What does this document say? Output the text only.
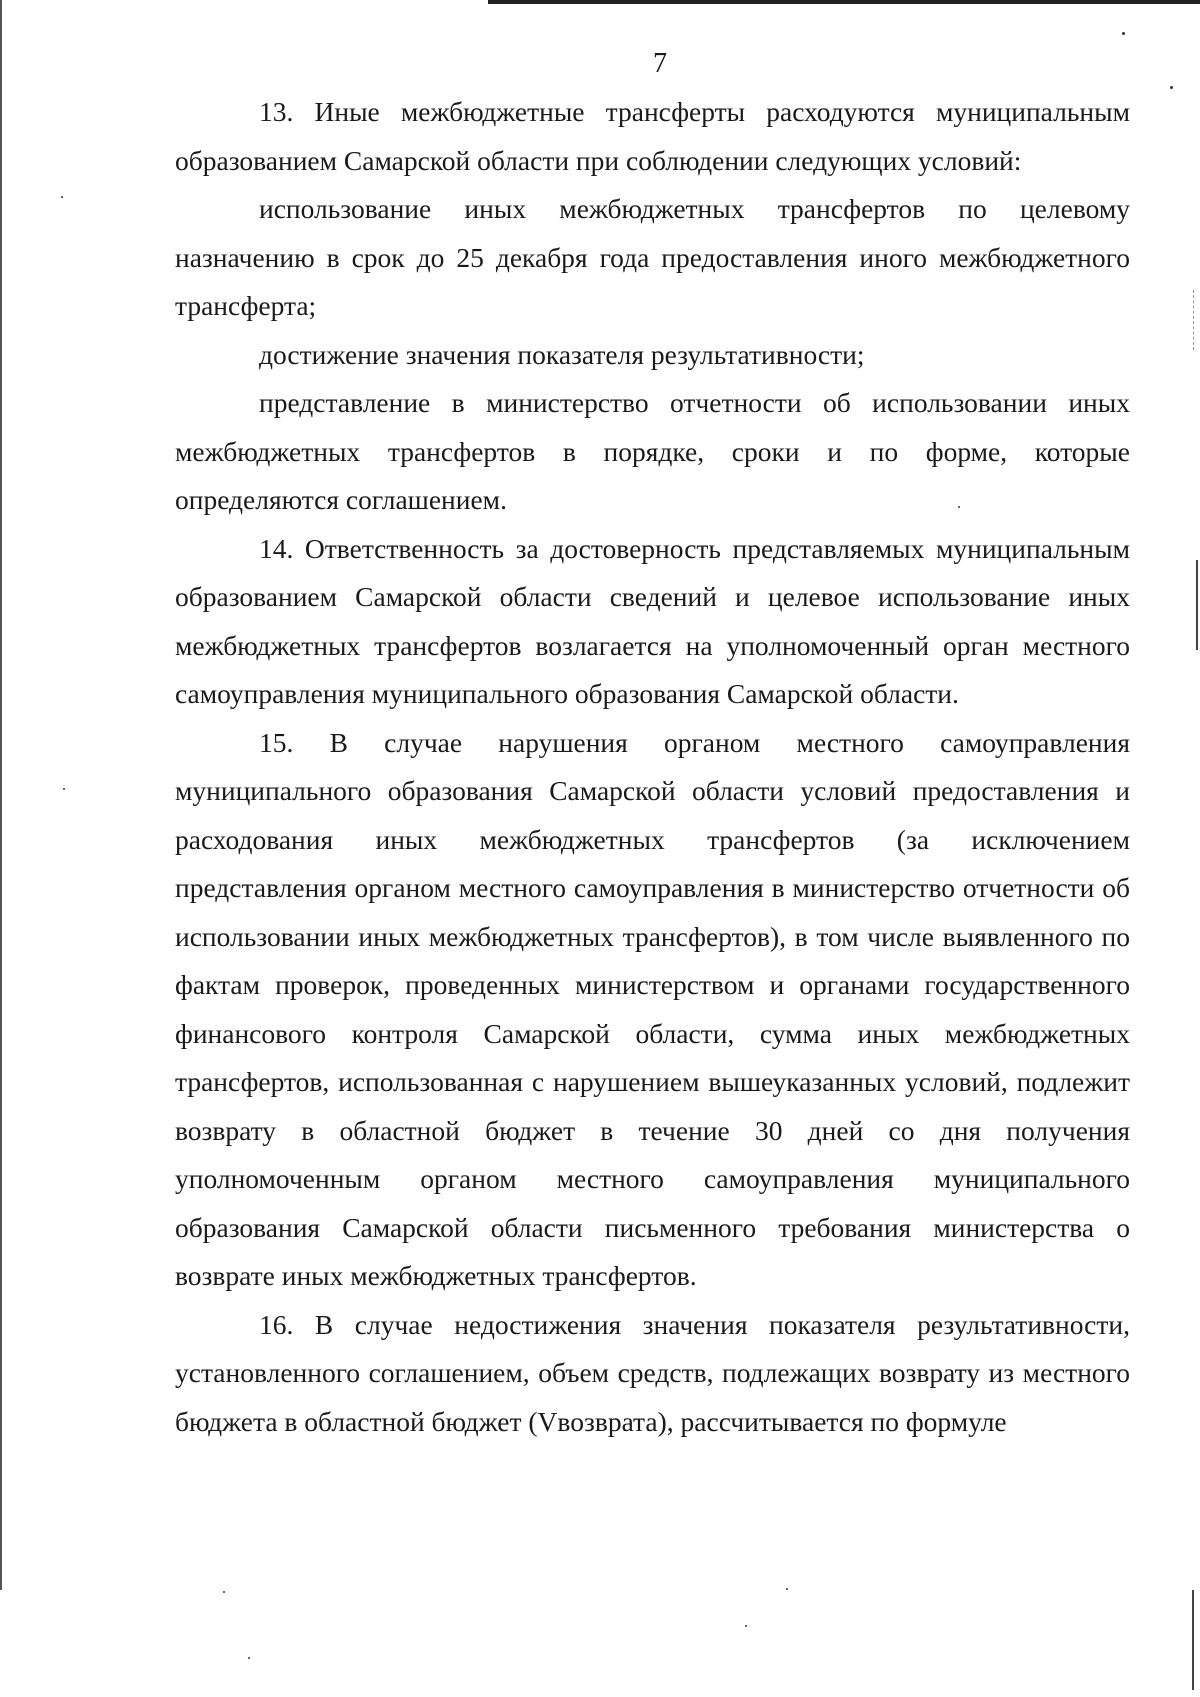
7

13. Иные межбюджетные трансферты расходуются муниципальным образованием Самарской области при соблюдении следующих условий:

использование иных межбюджетных трансфертов по целевому назначению в срок до 25 декабря года предоставления иного межбюджетного трансферта;

достижение значения показателя результативности;

представление в министерство отчетности об использовании иных межбюджетных трансфертов в порядке, сроки и по форме, которые определяются соглашением.

14. Ответственность за достоверность представляемых муниципальным образованием Самарской области сведений и целевое использование иных межбюджетных трансфертов возлагается на уполномоченный орган местного самоуправления муниципального образования Самарской области.

15. В случае нарушения органом местного самоуправления муниципального образования Самарской области условий предоставления и расходования иных межбюджетных трансфертов (за исключением представления органом местного самоуправления в министерство отчетности об использовании иных межбюджетных трансфертов), в том числе выявленного по фактам проверок, проведенных министерством и органами государственного финансового контроля Самарской области, сумма иных межбюджетных трансфертов, использованная с нарушением вышеуказанных условий, подлежит возврату в областной бюджет в течение 30 дней со дня получения уполномоченным органом местного самоуправления муниципального образования Самарской области письменного требования министерства о возврате иных межбюджетных трансфертов.

16. В случае недостижения значения показателя результативности, установленного соглашением, объем средств, подлежащих возврату из местного бюджета в областной бюджет (Vвозврата), рассчитывается по формуле
